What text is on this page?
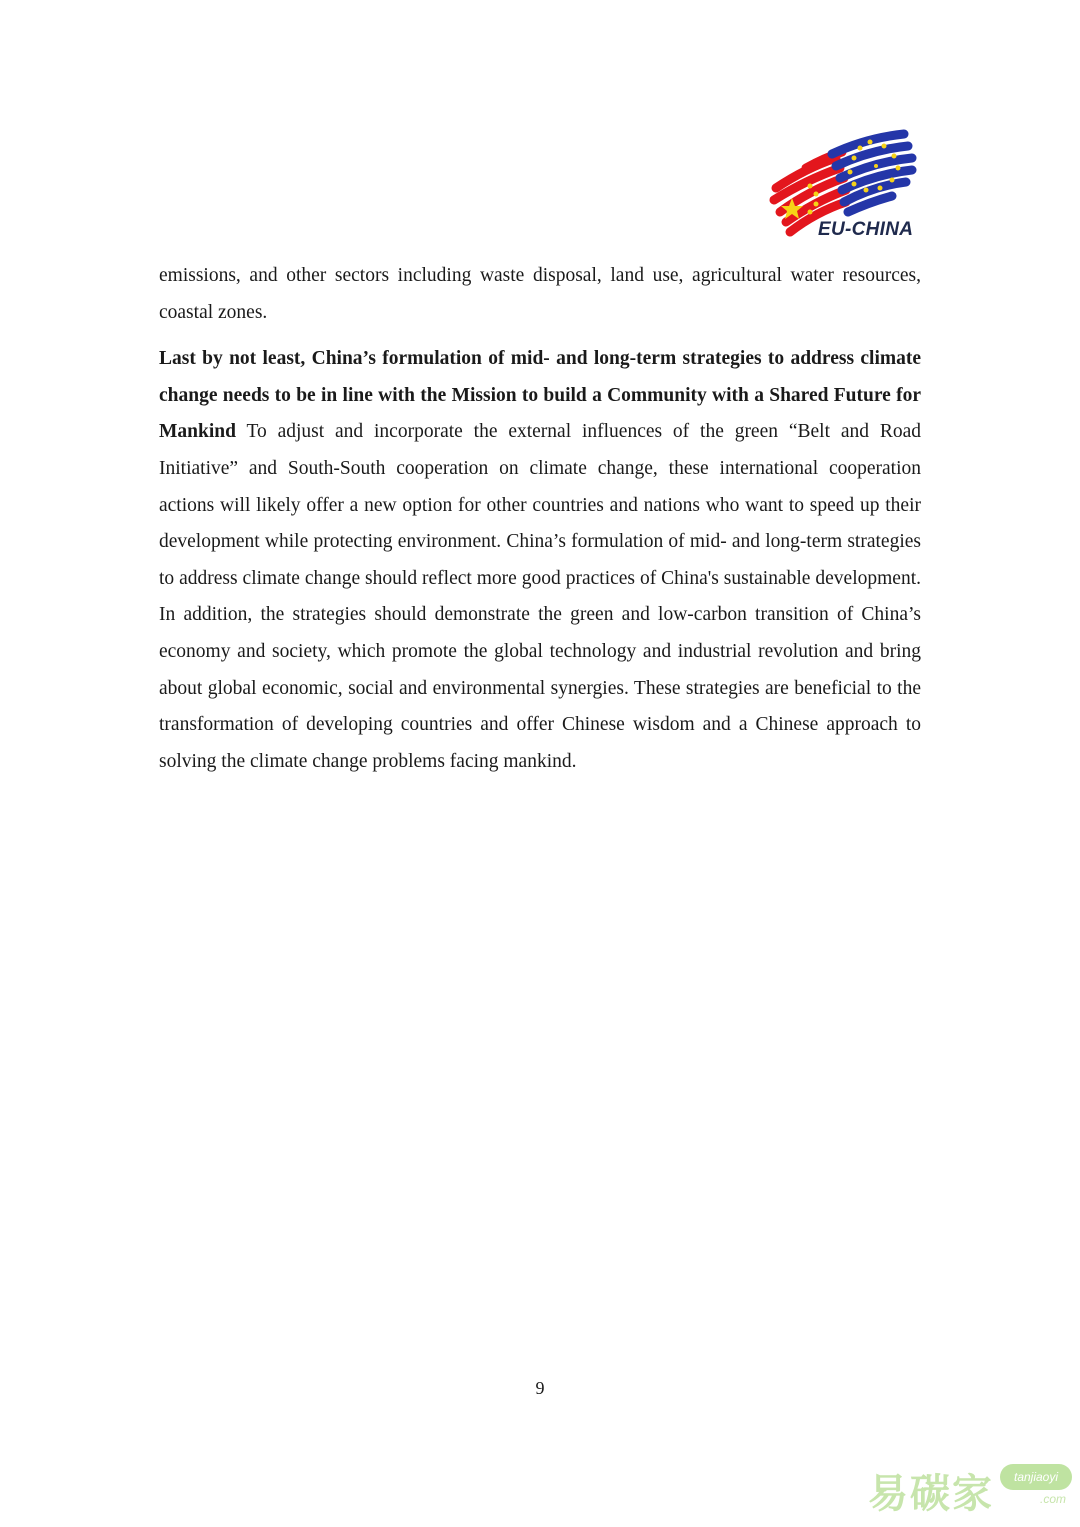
EU-CHINA

emissions, and other sectors including waste disposal, land use, agricultural water resources, coastal zones.

Last by not least, China’s formulation of mid- and long-term strategies to address climate change needs to be in line with the Mission to build a Community with a Shared Future for Mankind To adjust and incorporate the external influences of the green “Belt and Road Initiative” and South-South cooperation on climate change, these international cooperation actions will likely offer a new option for other countries and nations who want to speed up their development while protecting environment. China’s formulation of mid- and long-term strategies to address climate change should reflect more good practices of China's sustainable development. In addition, the strategies should demonstrate the green and low-carbon transition of China’s economy and society, which promote the global technology and industrial revolution and bring about global economic, social and environmental synergies. These strategies are beneficial to the transformation of developing countries and offer Chinese wisdom and a Chinese approach to solving the climate change problems facing mankind.

9
易碳家	tanjiaoyi
.com
